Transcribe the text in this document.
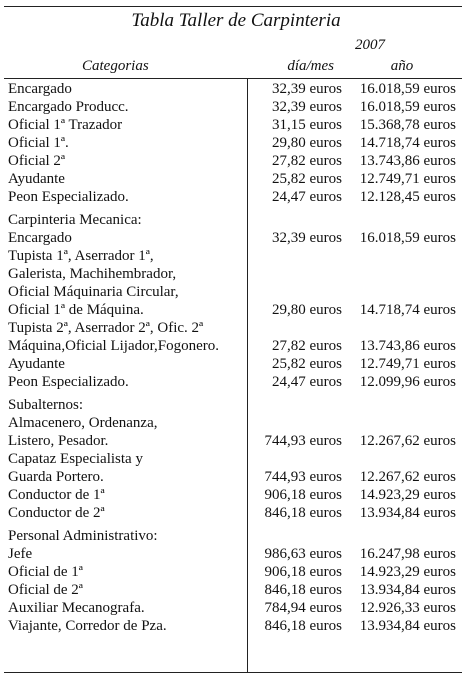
Tabla Taller de Carpinteria
2007
Categorias	día/mes	año
Encargado	32,39 euros	16.018,59 euros
Encargado Producc.	32,39 euros	16.018,59 euros
Oficial 1ª Trazador	31,15 euros	15.368,78 euros
Oficial 1ª.	29,80 euros	14.718,74 euros
Oficial 2ª	27,82 euros	13.743,86 euros
Ayudante	25,82 euros	12.749,71 euros
Peon Especializado.	24,47 euros	12.128,45 euros
Carpinteria Mecanica:
Encargado	32,39 euros	16.018,59 euros
Tupista 1ª, Aserrador 1ª,
Galerista, Machihembrador,
Oficial Máquinaria Circular,
Oficial 1ª de Máquina.	29,80 euros	14.718,74 euros
Tupista 2ª, Aserrador 2ª, Ofic. 2ª
Máquina,Oficial Lijador,Fogonero.	27,82 euros	13.743,86 euros
Ayudante	25,82 euros	12.749,71 euros
Peon Especializado.	24,47 euros	12.099,96 euros
Subalternos:
Almacenero, Ordenanza,
Listero, Pesador.	744,93 euros	12.267,62 euros
Capataz Especialista y
Guarda Portero.	744,93 euros	12.267,62 euros
Conductor de 1ª	906,18 euros	14.923,29 euros
Conductor de 2ª	846,18 euros	13.934,84 euros
Personal Administrativo:
Jefe	986,63 euros	16.247,98 euros
Oficial de 1ª	906,18 euros	14.923,29 euros
Oficial de 2ª	846,18 euros	13.934,84 euros
Auxiliar Mecanografa.	784,94 euros	12.926,33 euros
Viajante, Corredor de Pza.	846,18 euros	13.934,84 euros
